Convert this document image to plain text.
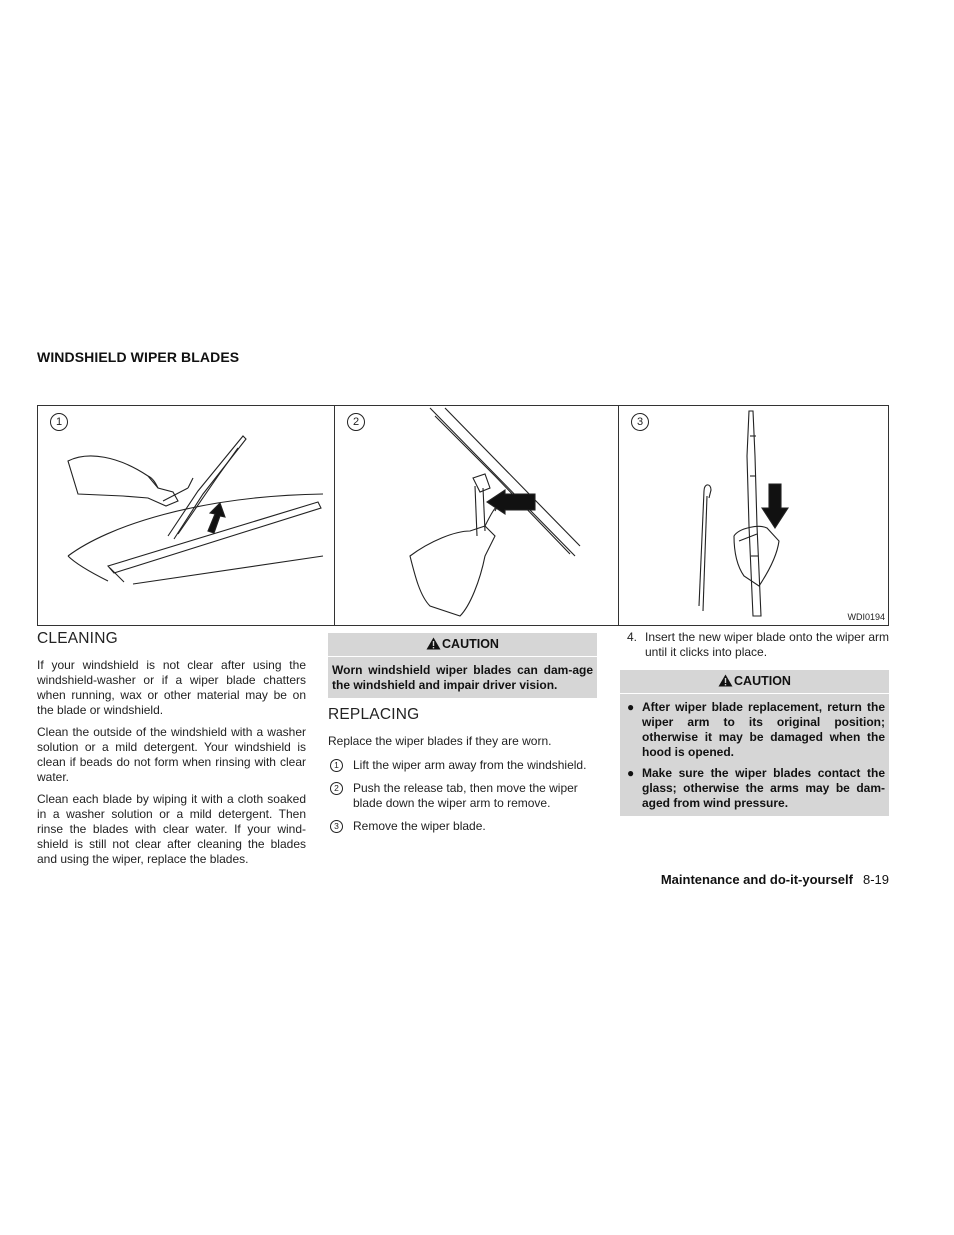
WINDSHIELD WIPER BLADES
1	2	3
WDI0194
CLEANING

If your windshield is not clear after using the windshield-washer or if a wiper blade chatters when running, wax or other material may be on the blade or windshield.

Clean the outside of the windshield with a washer solution or a mild detergent. Your windshield is clean if beads do not form when rinsing with clear water.

Clean each blade by wiping it with a cloth soaked in a washer solution or a mild detergent. Then rinse the blades with clear water. If your wind-shield is still not clear after cleaning the blades and using the wiper, replace the blades.

CAUTION
Worn windshield wiper blades can dam-age the windshield and impair driver vision.
REPLACING

Replace the wiper blades if they are worn.

1	Lift the wiper arm away from the windshield.
2	Push the release tab, then move the wiper blade down the wiper arm to remove.
3	Remove the wiper blade.
4. Insert the new wiper blade onto the wiper arm until it clicks into place.
CAUTION
● After wiper blade replacement, return the wiper arm to its original position; otherwise it may be damaged when the hood is opened.
● Make sure the wiper blades contact the glass; otherwise the arms may be dam-aged from wind pressure.
Maintenance and do-it-yourself 8-19
